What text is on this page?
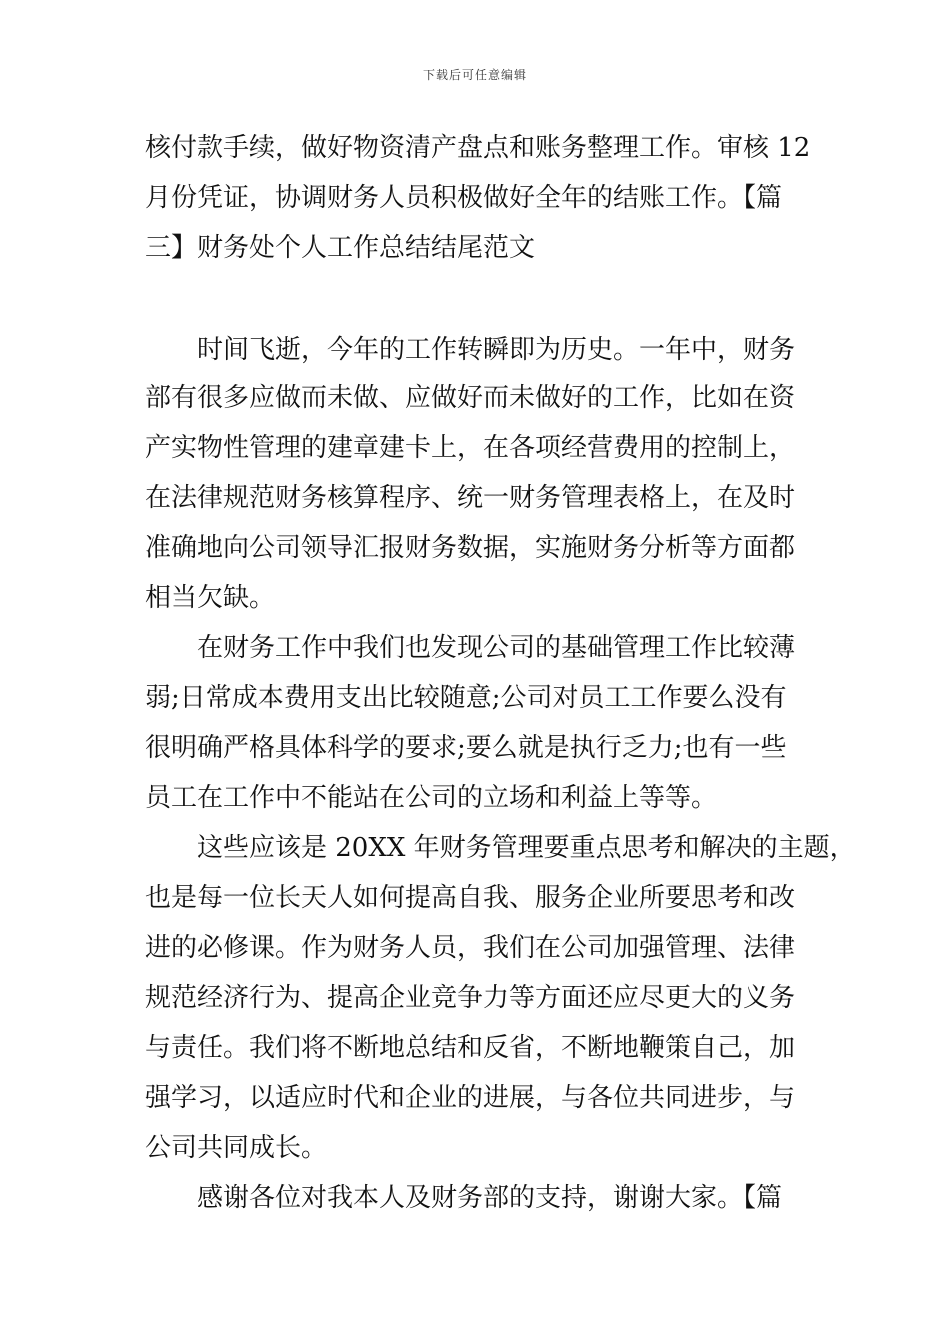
下载后可任意编辑
核付款手续，做好物资清产盘点和账务整理工作。审核 12
月份凭证，协调财务人员积极做好全年的结账工作。【篇
三】财务处个人工作总结结尾范文
　　时间飞逝，今年的工作转瞬即为历史。一年中，财务
部有很多应做而未做、应做好而未做好的工作，比如在资
产实物性管理的建章建卡上，在各项经营费用的控制上，
在法律规范财务核算程序、统一财务管理表格上，在及时
准确地向公司领导汇报财务数据，实施财务分析等方面都
相当欠缺。
　　在财务工作中我们也发现公司的基础管理工作比较薄
弱;日常成本费用支出比较随意;公司对员工工作要么没有
很明确严格具体科学的要求;要么就是执行乏力;也有一些
员工在工作中不能站在公司的立场和利益上等等。
　　这些应该是 20XX 年财务管理要重点思考和解决的主题，
也是每一位长天人如何提高自我、服务企业所要思考和改
进的必修课。作为财务人员，我们在公司加强管理、法律
规范经济行为、提高企业竞争力等方面还应尽更大的义务
与责任。我们将不断地总结和反省，不断地鞭策自己，加
强学习，以适应时代和企业的进展，与各位共同进步，与
公司共同成长。
　　感谢各位对我本人及财务部的支持，谢谢大家。【篇
